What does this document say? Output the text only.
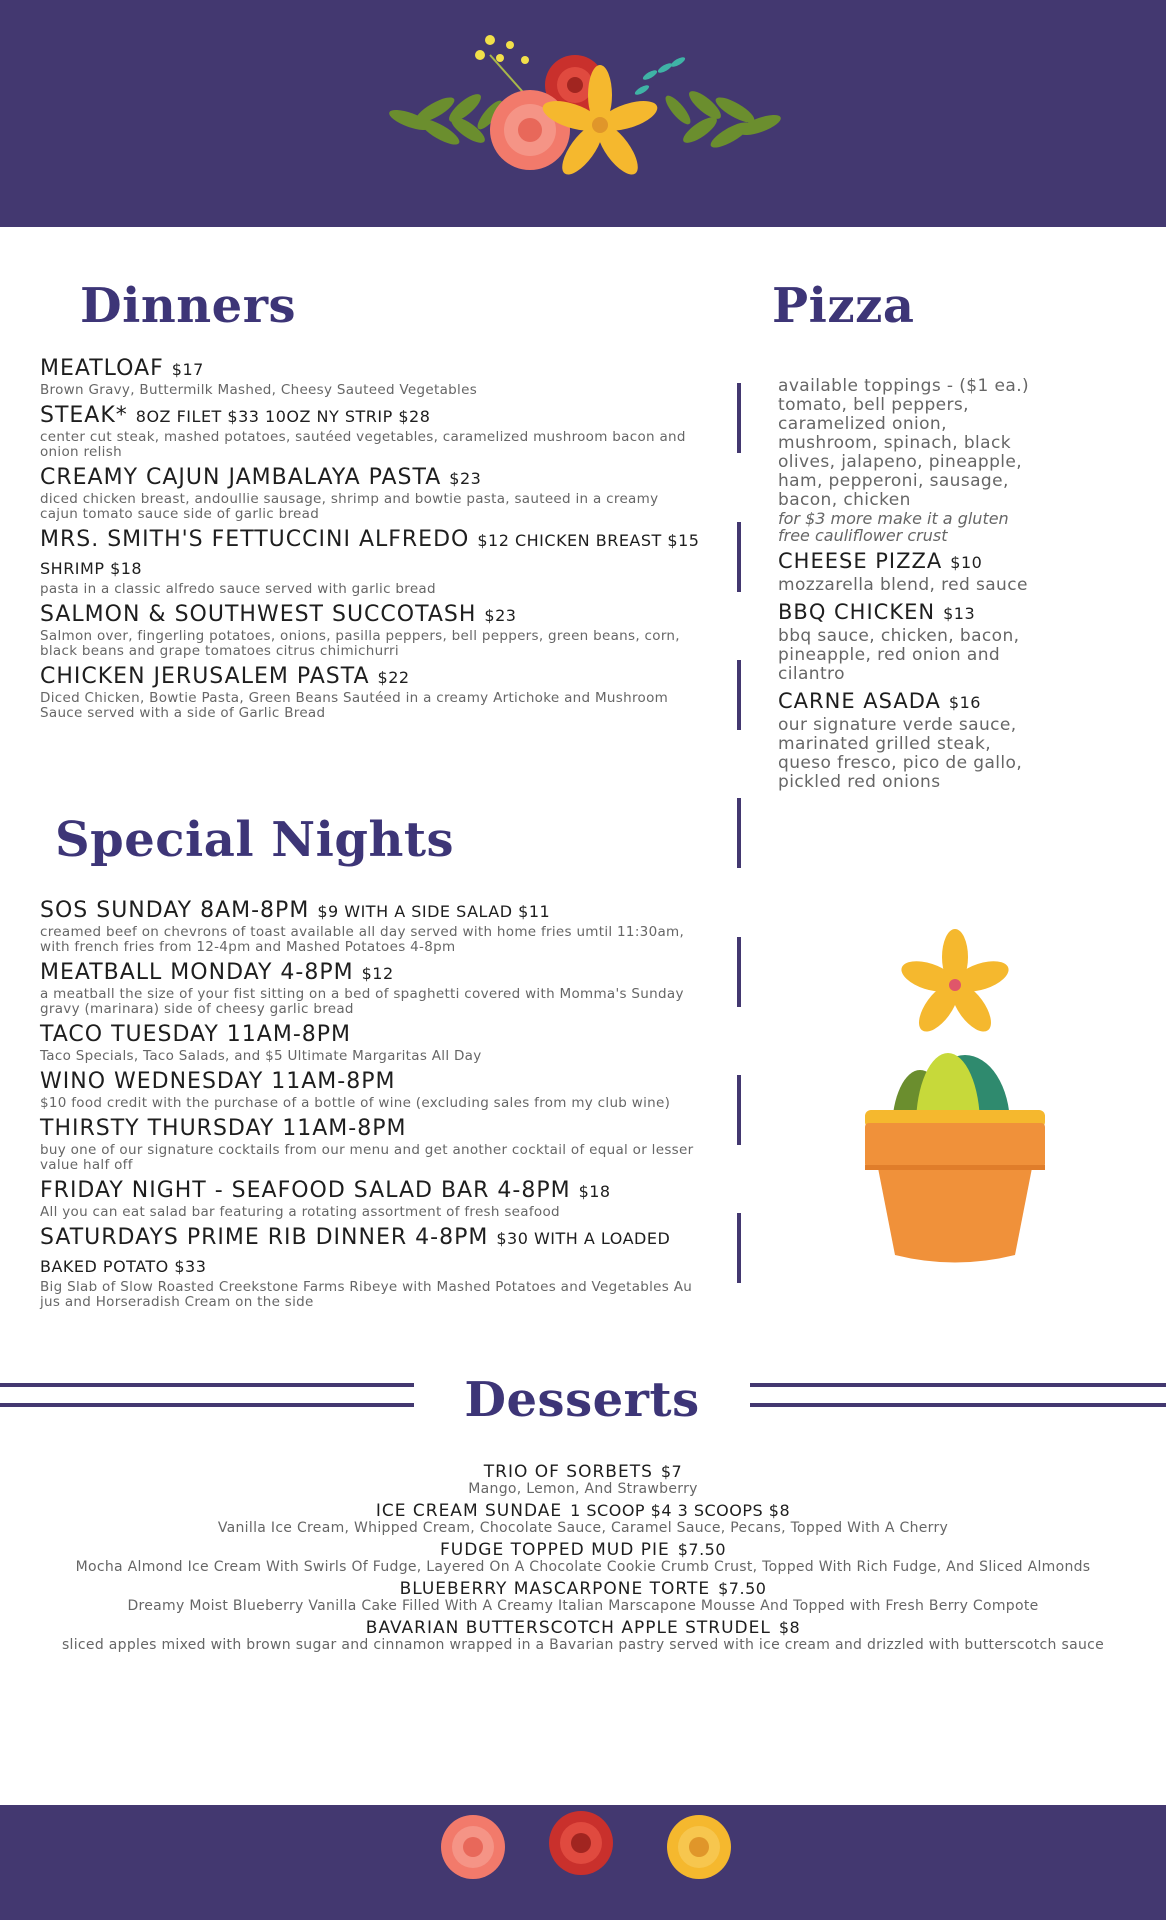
Dinners
MEATLOAF $17
Brown Gravy, Buttermilk Mashed, Cheesy Sauteed Vegetables
STEAK* 8OZ FILET $33 10OZ NY STRIP $28
center cut steak, mashed potatoes, sautéed vegetables, caramelized mushroom bacon and onion relish
CREAMY CAJUN JAMBALAYA PASTA $23
diced chicken breast, andoullie sausage, shrimp and bowtie pasta, sauteed in a creamy cajun tomato sauce side of garlic bread
MRS. SMITH'S FETTUCCINI ALFREDO $12 CHICKEN BREAST $15 SHRIMP $18
pasta in a classic alfredo sauce served with garlic bread
SALMON & SOUTHWEST SUCCOTASH $23
Salmon over, fingerling potatoes, onions, pasilla peppers, bell peppers, green beans, corn, black beans and grape tomatoes citrus chimichurri
CHICKEN JERUSALEM PASTA $22
Diced Chicken, Bowtie Pasta, Green Beans Sautéed in a creamy Artichoke and Mushroom Sauce served with a side of Garlic Bread
Pizza
available toppings - ($1 ea.) tomato, bell peppers, caramelized onion, mushroom, spinach, black olives, jalapeno, pineapple, ham, pepperoni, sausage, bacon, chicken
for $3 more make it a gluten free cauliflower crust
CHEESE PIZZA $10
mozzarella blend, red sauce
BBQ CHICKEN $13
bbq sauce, chicken, bacon, pineapple, red onion and cilantro
CARNE ASADA $16
our signature verde sauce, marinated grilled steak, queso fresco, pico de gallo, pickled red onions
Special Nights
SOS SUNDAY 8AM-8PM $9 WITH A SIDE SALAD $11
creamed beef on chevrons of toast available all day served with home fries umtil 11:30am, with french fries from 12-4pm and Mashed Potatoes 4-8pm
MEATBALL MONDAY 4-8PM $12
a meatball the size of your fist sitting on a bed of spaghetti covered with Momma's Sunday gravy (marinara) side of cheesy garlic bread
TACO TUESDAY 11AM-8PM
Taco Specials, Taco Salads, and $5 Ultimate Margaritas All Day
WINO WEDNESDAY 11AM-8PM
$10 food credit with the purchase of a bottle of wine (excluding sales from my club wine)
THIRSTY THURSDAY 11AM-8PM
buy one of our signature cocktails from our menu and get another cocktail of equal or lesser value half off
FRIDAY NIGHT - SEAFOOD SALAD BAR 4-8PM $18
All you can eat salad bar featuring a rotating assortment of fresh seafood
SATURDAYS PRIME RIB DINNER 4-8PM $30 WITH A LOADED BAKED POTATO $33
Big Slab of Slow Roasted Creekstone Farms Ribeye with Mashed Potatoes and Vegetables Au jus and Horseradish Cream on the side
Desserts
TRIO OF SORBETS $7
Mango, Lemon, And Strawberry
ICE CREAM SUNDAE 1 SCOOP $4 3 SCOOPS $8
Vanilla Ice Cream, Whipped Cream, Chocolate Sauce, Caramel Sauce, Pecans, Topped With A Cherry
FUDGE TOPPED MUD PIE $7.50
Mocha Almond Ice Cream With Swirls Of Fudge, Layered On A Chocolate Cookie Crumb Crust, Topped With Rich Fudge, And Sliced Almonds
BLUEBERRY MASCARPONE TORTE $7.50
Dreamy Moist Blueberry Vanilla Cake Filled With A Creamy Italian Marscapone Mousse And Topped with Fresh Berry Compote
BAVARIAN BUTTERSCOTCH APPLE STRUDEL $8
sliced apples mixed with brown sugar and cinnamon wrapped in a Bavarian pastry served with ice cream and drizzled with butterscotch sauce
